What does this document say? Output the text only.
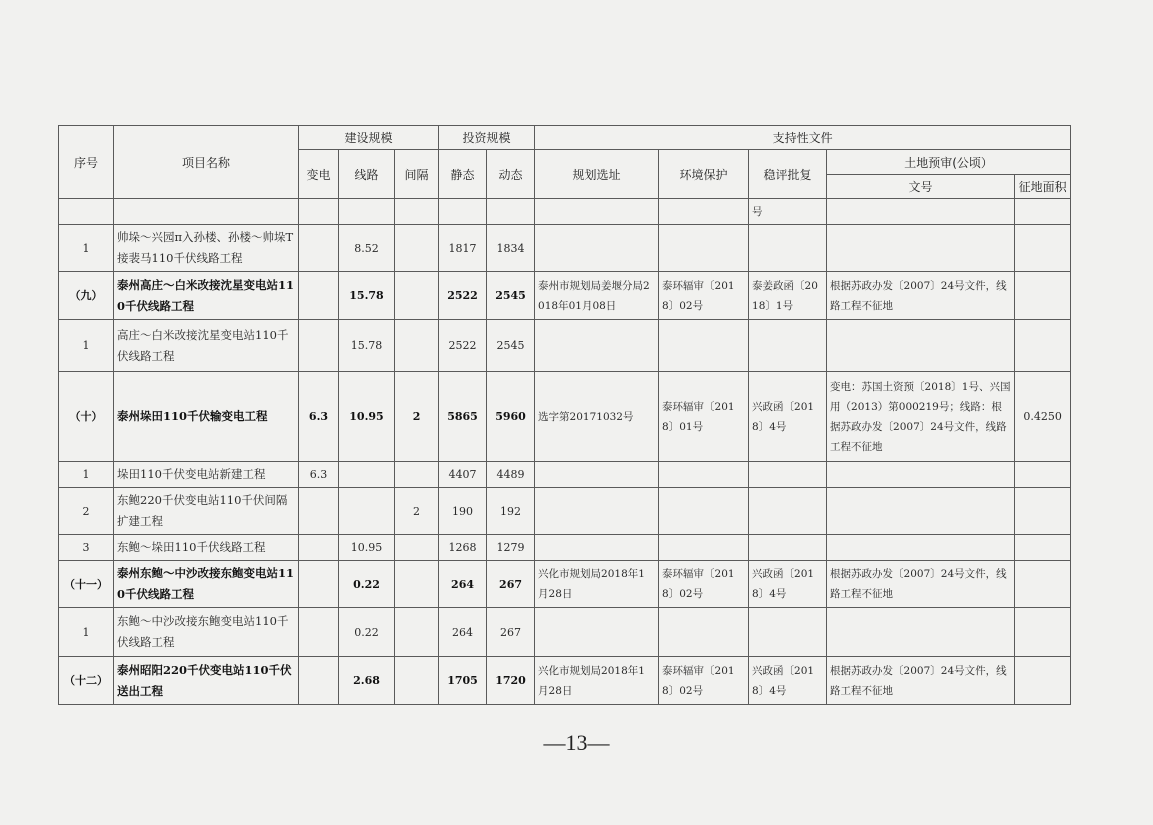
序号	项目名称	建设规模			投资规模		支持性文件				
		变电	线路	间隔	静态	动态	规划选址	环境保护	稳评批复	土地预审(公顷）	
										文号	征地面积
									号		
1	帅垛～兴园π入孙楼、孙楼～帅垛T接裴马110千伏线路工程		8.52		1817	1834					
（九）	泰州高庄～白米改接沈星变电站110千伏线路工程		15.78		2522	2545	泰州市规划局姜堰分局2018年01月08日	泰环辐审〔2018〕02号	泰姜政函〔2018〕1号	根据苏政办发〔2007〕24号文件，线路工程不征地	
1	高庄～白米改接沈星变电站110千伏线路工程		15.78		2522	2545					
（十）	泰州垛田110千伏输变电工程	6.3	10.95	2	5865	5960	选字第20171032号	泰环辐审〔2018〕01号	兴政函〔2018〕4号	变电：苏国土资预〔2018〕1号、兴国用（2013）第000219号；线路：根据苏政办发〔2007〕24号文件，线路工程不征地	0.4250
1	垛田110千伏变电站新建工程	6.3			4407	4489					
2	东鲍220千伏变电站110千伏间隔扩建工程			2	190	192					
3	东鲍～垛田110千伏线路工程		10.95		1268	1279					
（十一）	泰州东鲍～中沙改接东鲍变电站110千伏线路工程		0.22		264	267	兴化市规划局2018年1月28日	泰环辐审〔2018〕02号	兴政函〔2018〕4号	根据苏政办发〔2007〕24号文件，线路工程不征地	
1	东鲍～中沙改接东鲍变电站110千伏线路工程		0.22		264	267					
（十二）	泰州昭阳220千伏变电站110千伏送出工程		2.68		1705	1720	兴化市规划局2018年1月28日	泰环辐审〔2018〕02号	兴政函〔2018〕4号	根据苏政办发〔2007〕24号文件，线路工程不征地	
—13—
